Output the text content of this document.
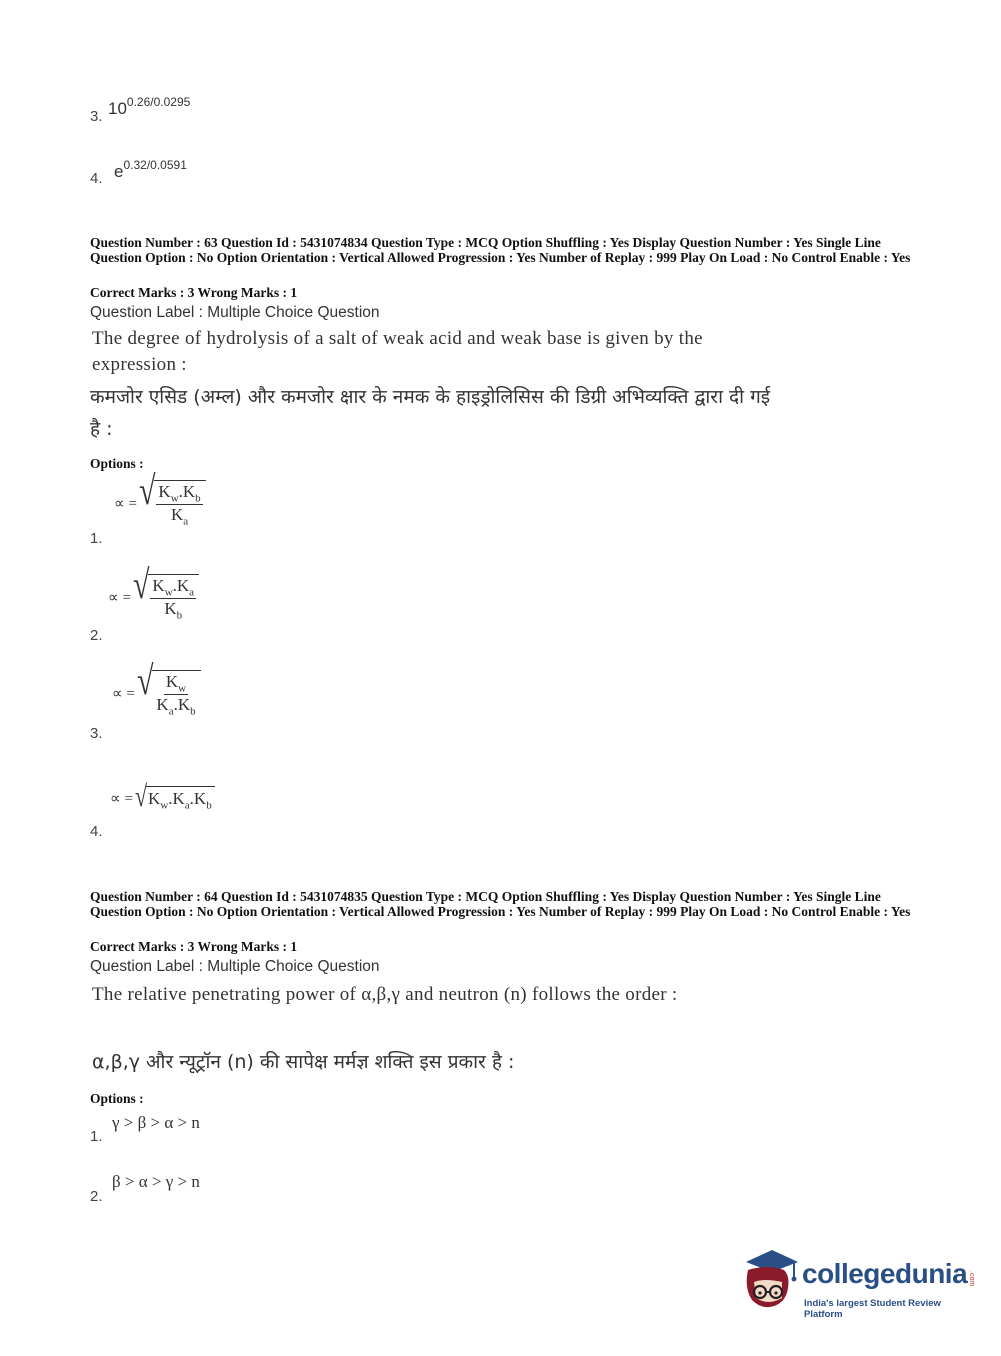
$10^{0.26/0.0295}$
3.
$e^{0.32/0.0591}$
4.
Question Number : 63 Question Id : 5431074834 Question Type : MCQ Option Shuffling : Yes Display Question Number : Yes Single Line Question Option : No Option Orientation : Vertical Allowed Progression : Yes Number of Replay : 999 Play On Load : No Control Enable : Yes
Correct Marks : 3 Wrong Marks : 1
Question Label : Multiple Choice Question
The degree of hydrolysis of a salt of weak acid and weak base is given by the expression :
कमजोर एसिड (अम्ल) और कमजोर क्षार के नमक के हाइड्रोलिसिस की डिग्री अभिव्यक्ति द्वारा दी गई है :
Options :
∝ = √ $\frac{K_w.K_b}{K_a}$
1.
∝ = √ $\frac{K_w.K_a}{K_b}$
2.
∝ = √ $\frac{K_w}{K_a.K_b}$
3.
∝ = √ $K_w.K_a.K_b$
4.
Question Number : 64 Question Id : 5431074835 Question Type : MCQ Option Shuffling : Yes Display Question Number : Yes Single Line Question Option : No Option Orientation : Vertical Allowed Progression : Yes Number of Replay : 999 Play On Load : No Control Enable : Yes
Correct Marks : 3 Wrong Marks : 1
Question Label : Multiple Choice Question
The relative penetrating power of α,β,γ and neutron (n) follows the order :
α,β,γ और न्यूट्रॉन (n) की सापेक्ष मर्मज्ञ शक्ति इस प्रकार है :
Options :
γ > β > α > n
1.
β > α > γ > n
2.
collegedunia .com
India's largest Student Review Platform
